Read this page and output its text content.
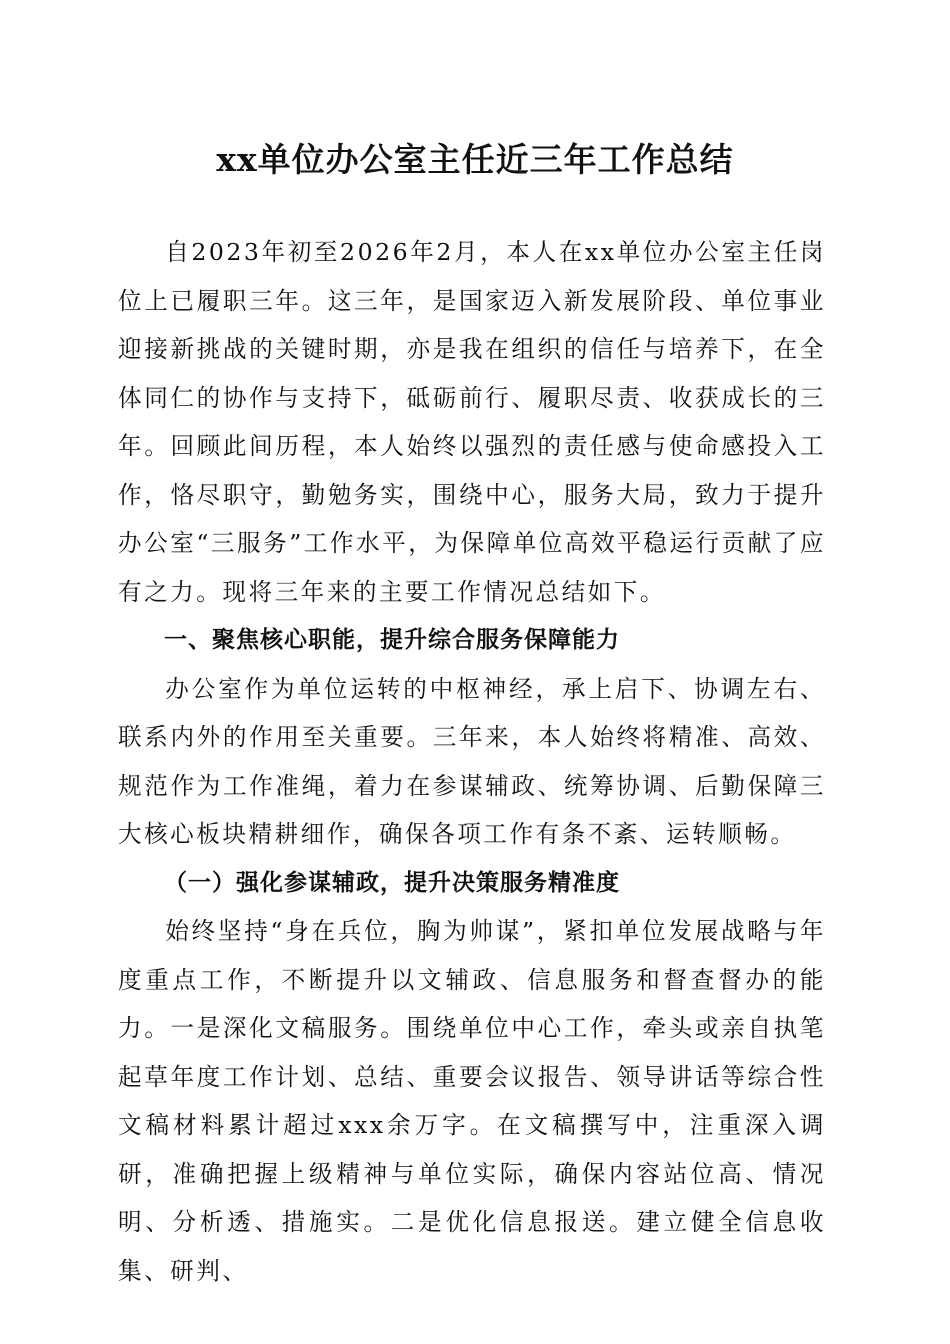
xx单位办公室主任近三年工作总结

自2023年初至2026年2月，本人在xx单位办公室主任岗位上已履职三年。这三年，是国家迈入新发展阶段、单位事业迎接新挑战的关键时期，亦是我在组织的信任与培养下，在全体同仁的协作与支持下，砥砺前行、履职尽责、收获成长的三年。回顾此间历程，本人始终以强烈的责任感与使命感投入工作，恪尽职守，勤勉务实，围绕中心，服务大局，致力于提升办公室“三服务”工作水平，为保障单位高效平稳运行贡献了应有之力。现将三年来的主要工作情况总结如下。

一、聚焦核心职能，提升综合服务保障能力

办公室作为单位运转的中枢神经，承上启下、协调左右、联系内外的作用至关重要。三年来，本人始终将精准、高效、规范作为工作准绳，着力在参谋辅政、统筹协调、后勤保障三大核心板块精耕细作，确保各项工作有条不紊、运转顺畅。

（一）强化参谋辅政，提升决策服务精准度

始终坚持“身在兵位，胸为帅谋”，紧扣单位发展战略与年度重点工作，不断提升以文辅政、信息服务和督查督办的能力。一是深化文稿服务。围绕单位中心工作，牵头或亲自执笔起草年度工作计划、总结、重要会议报告、领导讲话等综合性文稿材料累计超过xxx余万字。在文稿撰写中，注重深入调研，准确把握上级精神与单位实际，确保内容站位高、情况明、分析透、措施实。二是优化信息报送。建立健全信息收集、研判、
